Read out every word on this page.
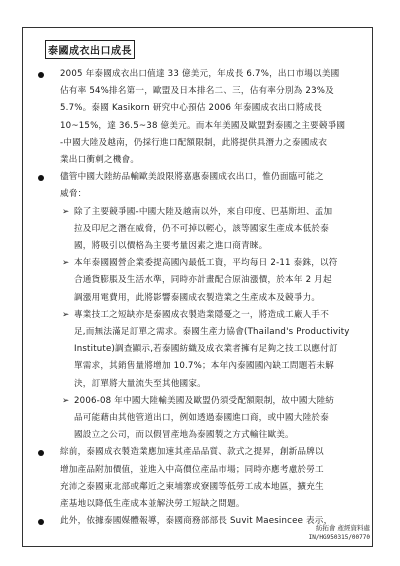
泰國成衣出口成長
2005 年泰國成衣出口值達 33 億美元，年成長 6.7%，出口市場以美國
佔有率 54%排名第一，歐盟及日本排名二、三，佔有率分別為 23%及
5.7%。泰國 Kasikorn 研究中心預估 2006 年泰國成衣出口將成長
10~15%，達 36.5~38 億美元。而本年美國及歐盟對泰國之主要競爭國
-中國大陸及越南，仍採行進口配額限制，此將提供具潛力之泰國成衣
業出口衝刺之機會。
儘管中國大陸紡品輸歐美設限將嘉惠泰國成衣出口，惟仍面臨可能之
威脅：
➢ 除了主要競爭國-中國大陸及越南以外，來自印度、巴基斯坦、孟加
拉及印尼之潛在威脅，仍不可掉以輕心，該等國家生產成本低於泰
國，將吸引以價格為主要考量因素之進口商青睞。
➢ 本年泰國國營企業委提高國內最低工資，平均每日 2-11 泰銖，以符
合通貨膨脹及生活水準，同時亦計畫配合原油漲價，於本年 2 月起
調漲用電費用，此將影響泰國成衣製造業之生產成本及競爭力。
➢ 專業技工之短缺亦是泰國成衣製造業隱憂之一，將造成工廠人手不
足,而無法滿足訂單之需求。泰國生產力協會(Thailand's Productivity
Institute)調查顯示,若泰國紡織及成衣業者擁有足夠之技工以應付訂
單需求，其銷售量將增加 10.7%；本年內泰國國內缺工問題若未解
決，訂單將大量流失至其他國家。
➢ 2006-08 年中國大陸輸美國及歐盟仍須受配額限制，故中國大陸紡
品可能藉由其他管道出口，例如透過泰國進口商，或中國大陸於泰
國設立之公司，而以假冒產地為泰國製之方式輸往歐美。
綜前，泰國成衣製造業應加速其產品品質、款式之提昇，創新品牌以
增加產品附加價值，並進入中高價位產品市場；同時亦應考慮於勞工
充沛之泰國東北部或鄰近之柬埔寨或寮國等低勞工成本地區，擴充生
產基地以降低生產成本並解決勞工短缺之問題。
此外，依據泰國媒體報導，泰國商務部部長 Suvit Maesincee 表示，
紡拓會 產經資料處
IN/HG950315/00770
